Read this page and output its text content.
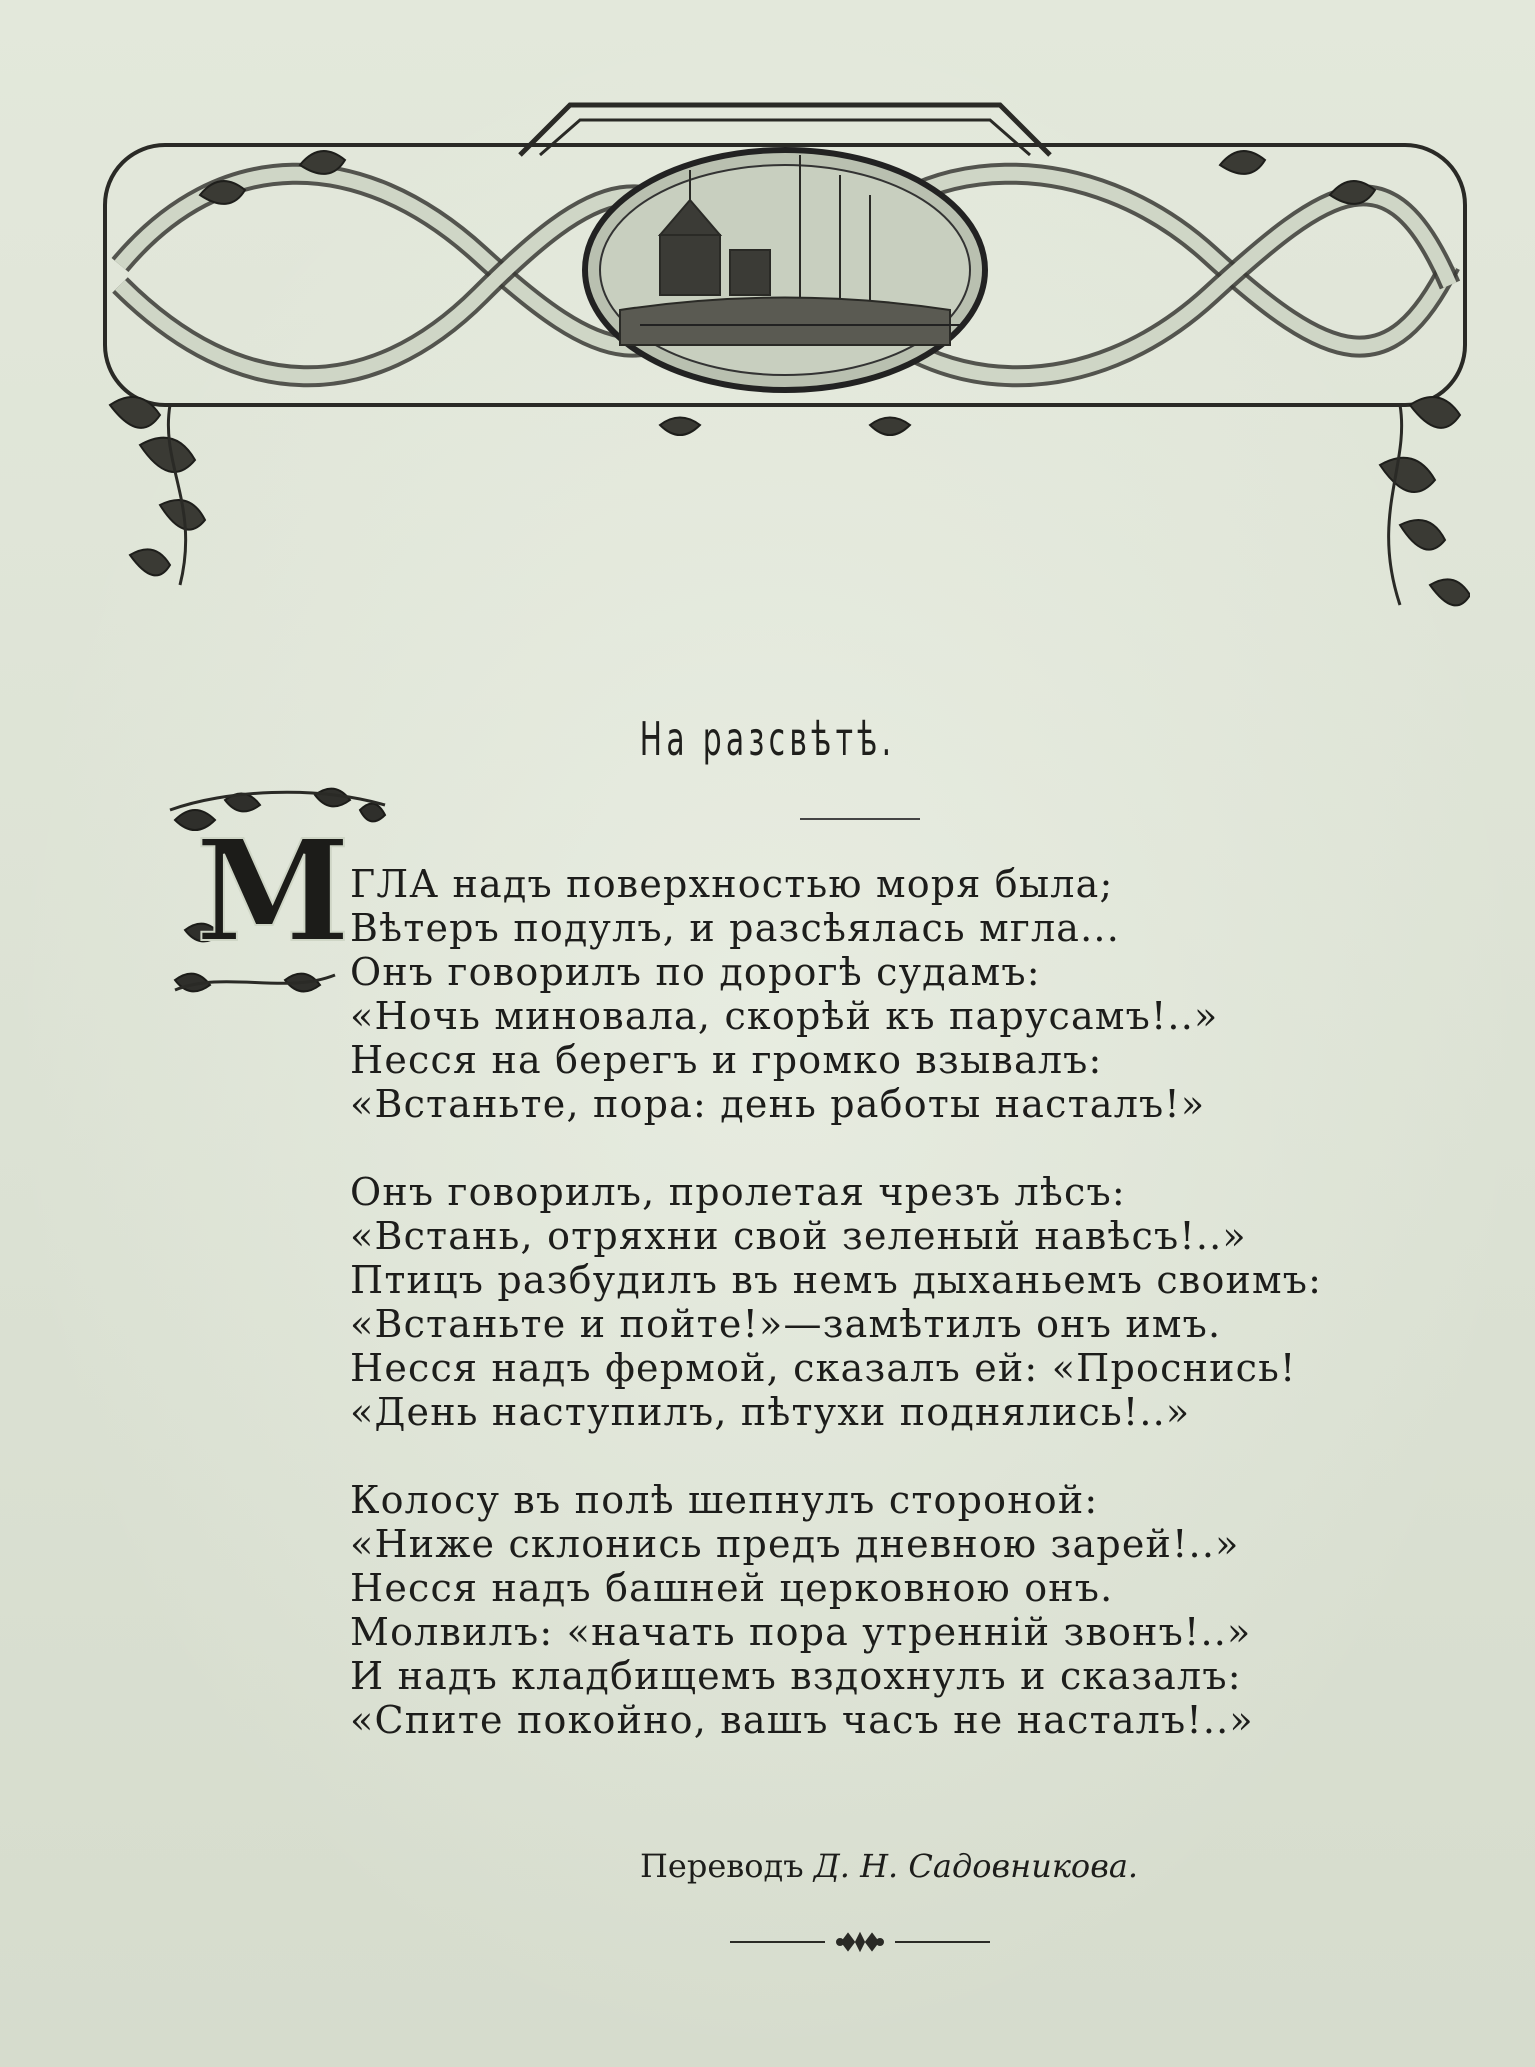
На разсвѣтѣ.
М ГЛА надъ поверхностью моря была;
Вѣтеръ подулъ, и разсѣялась мгла...
Онъ говорилъ по дорогѣ судамъ:
«Ночь миновала, скорѣй къ парусамъ!..»
Несся на берегъ и громко взывалъ:
«Встаньте, пора: день работы насталъ!»
Онъ говорилъ, пролетая чрезъ лѣсъ:
«Встань, отряхни свой зеленый навѣсъ!..»
Птицъ разбудилъ въ немъ дыханьемъ своимъ:
«Встаньте и пойте!»—замѣтилъ онъ имъ.
Несся надъ фермой, сказалъ ей: «Проснись!
«День наступилъ, пѣтухи поднялись!..»
Колосу въ полѣ шепнулъ стороной:
«Ниже склонись предъ дневною зарей!..»
Несся надъ башней церковною онъ.
Молвилъ: «начать пора утренній звонъ!..»
И надъ кладбищемъ вздохнулъ и сказалъ:
«Спите покойно, вашъ часъ не насталъ!..»
Переводъ Д. Н. Садовникова.
